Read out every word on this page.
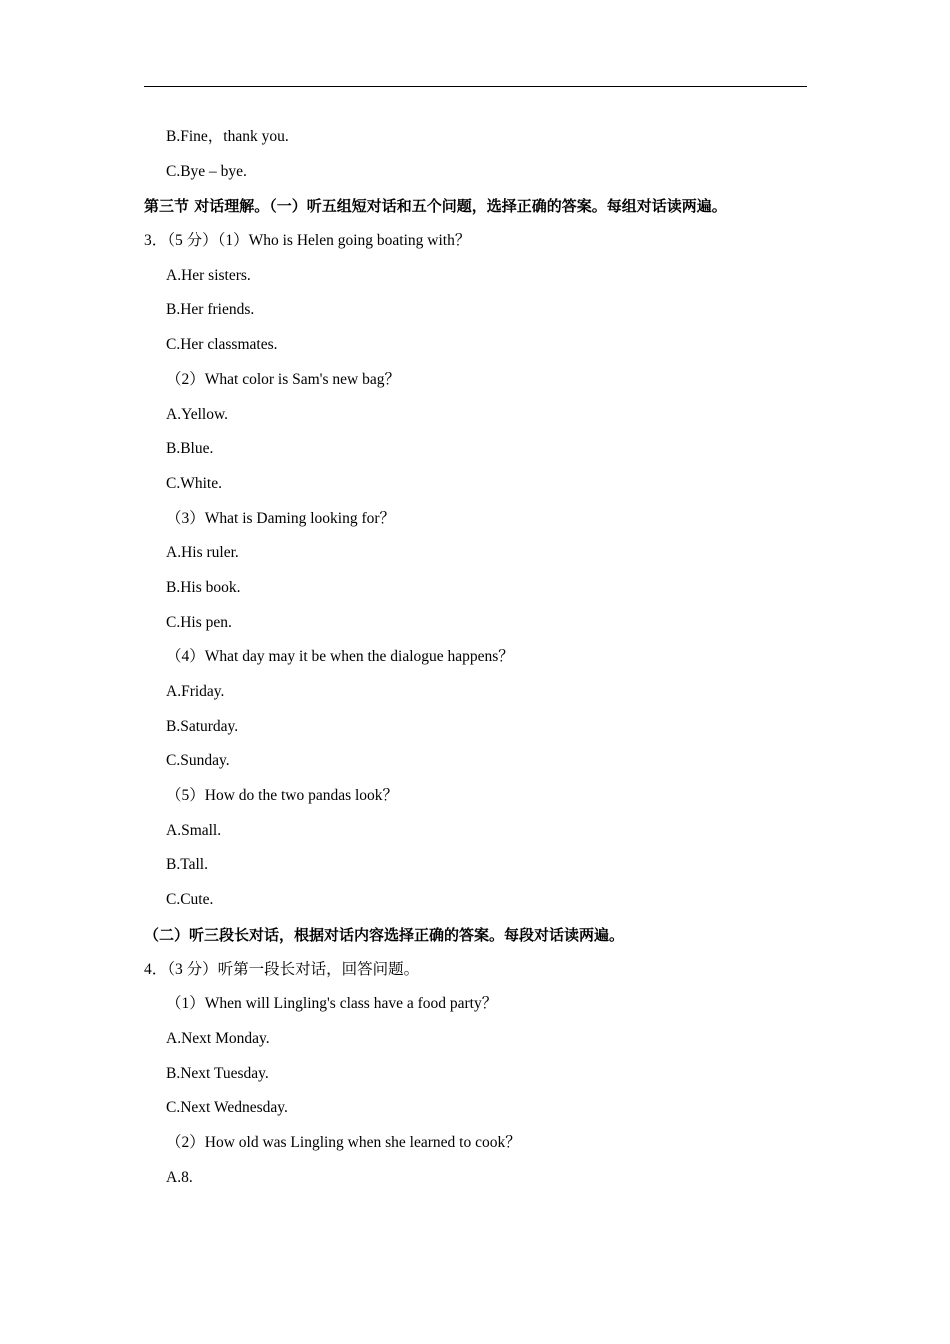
B.Fine，thank you.
C.Bye – bye.
第三节 对话理解。（一）听五组短对话和五个问题，选择正确的答案。每组对话读两遍。
3．（5 分）（1）Who is Helen going boating with？
A.Her sisters.
B.Her friends.
C.Her classmates.
（2）What color is Sam's new bag？
A.Yellow.
B.Blue.
C.White.
（3）What is Daming looking for？
A.His ruler.
B.His book.
C.His pen.
（4）What day may it be when the dialogue happens？
A.Friday.
B.Saturday.
C.Sunday.
（5）How do the two pandas look？
A.Small.
B.Tall.
C.Cute.
（二）听三段长对话，根据对话内容选择正确的答案。每段对话读两遍。
4．（3 分）听第一段长对话，回答问题。
（1）When will Lingling's class have a food party？
A.Next Monday.
B.Next Tuesday.
C.Next Wednesday.
（2）How old was Lingling when she learned to cook？
A.8.
